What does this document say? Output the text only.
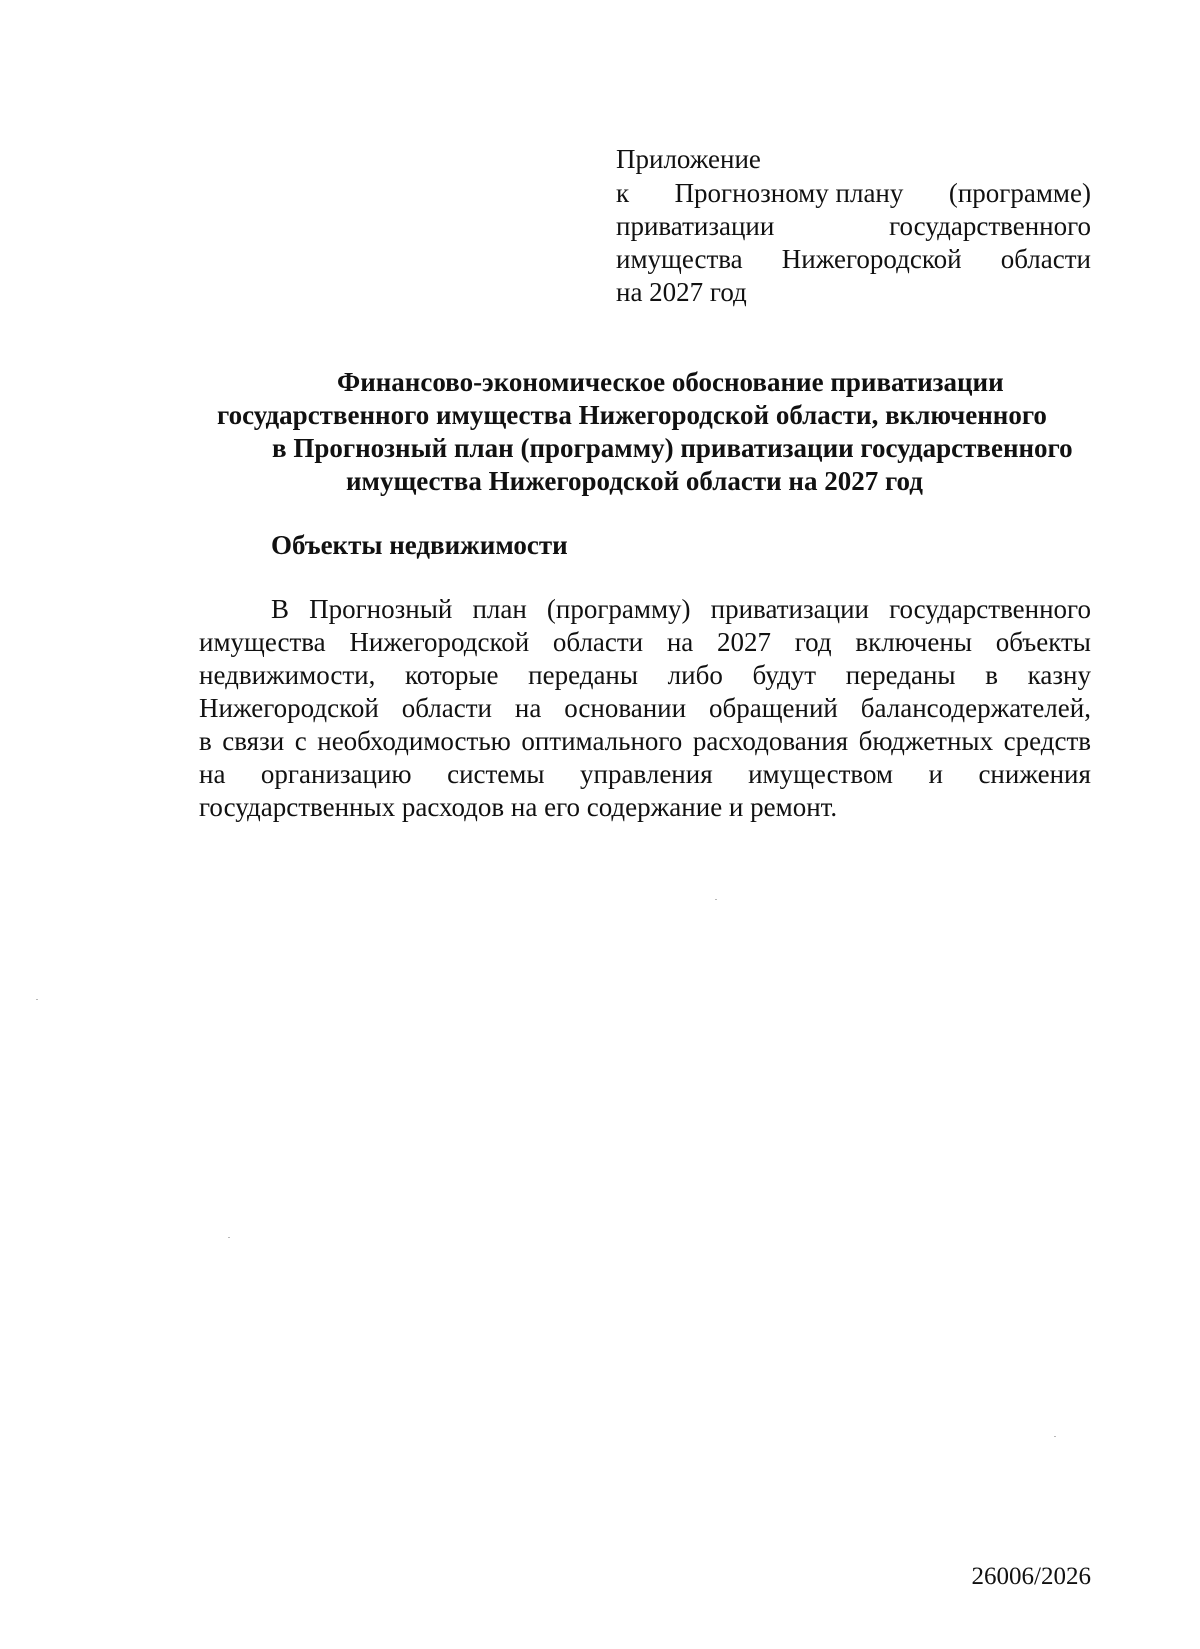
Приложение
к Прогнозному плану (программе)
приватизации	государственного
имущества Нижегородской области
на 2027 год
Финансово-экономическое обоснование приватизации
государственного имущества Нижегородской области, включенного
в Прогнозный план (программу) приватизации государственного
имущества Нижегородской области на 2027 год
Объекты недвижимости
В Прогнозный план (программу) приватизации государственного
имущества Нижегородской области на 2027 год включены объекты
недвижимости, которые переданы либо будут переданы в казну
Нижегородской области на основании обращений балансодержателей,
в связи с необходимостью оптимального расходования бюджетных средств
на организацию системы управления имуществом и снижения
государственных расходов на его содержание и ремонт.
26006/2026
